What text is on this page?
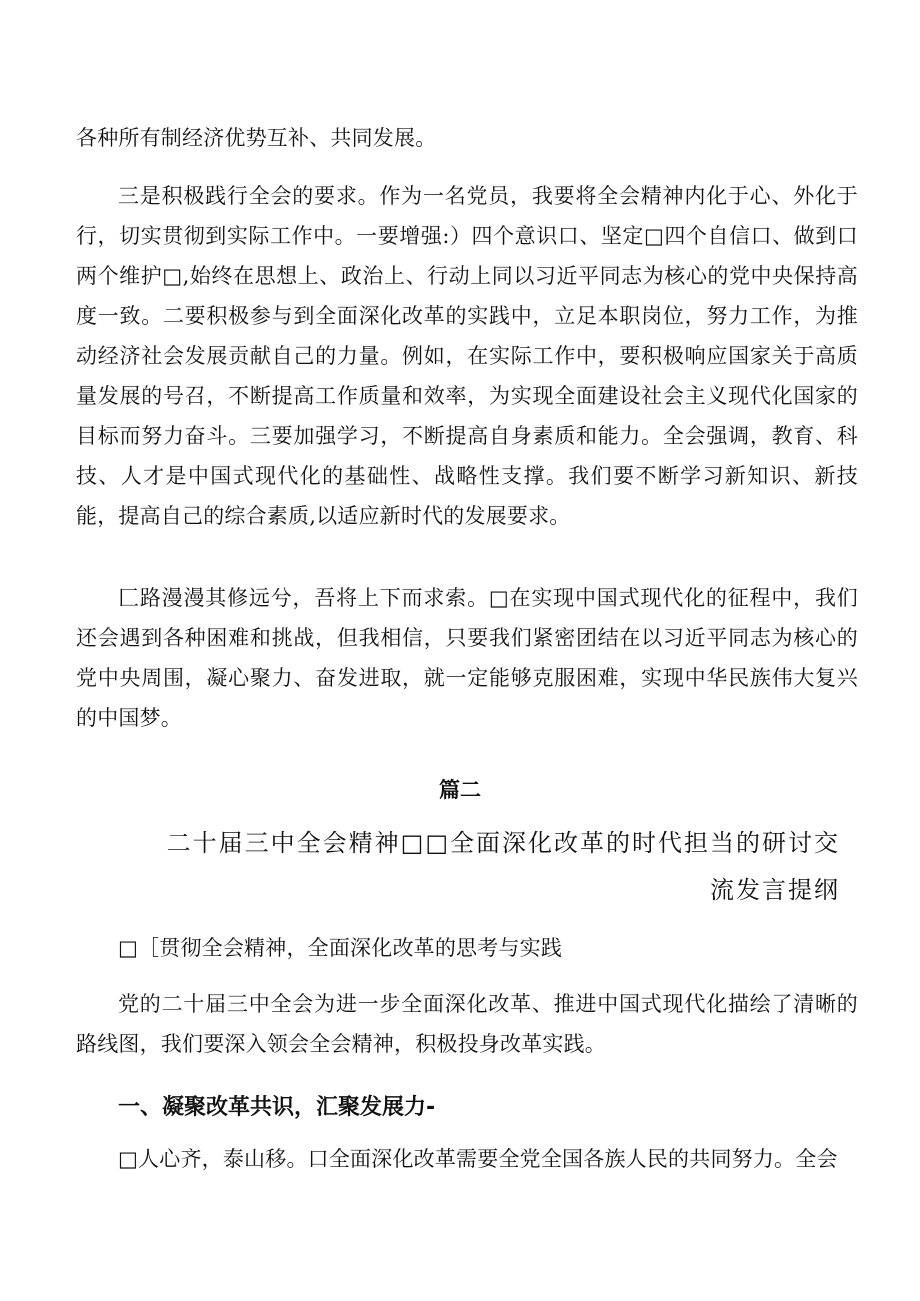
各种所有制经济优势互补、共同发展。

三是积极践行全会的要求。作为一名党员，我要将全会精神内化于心、外化于行，切实贯彻到实际工作中。一要增强:）四个意识口、坚定□四个自信口、做到口两个维护□,始终在思想上、政治上、行动上同以习近平同志为核心的党中央保持高度一致。二要积极参与到全面深化改革的实践中，立足本职岗位，努力工作，为推动经济社会发展贡献自己的力量。例如，在实际工作中，要积极响应国家关于高质量发展的号召，不断提高工作质量和效率，为实现全面建设社会主义现代化国家的目标而努力奋斗。三要加强学习，不断提高自身素质和能力。全会强调，教育、科技、人才是中国式现代化的基础性、战略性支撑。我们要不断学习新知识、新技能，提高自己的综合素质,以适应新时代的发展要求。

匚路漫漫其修远兮，吾将上下而求索。□在实现中国式现代化的征程中，我们还会遇到各种困难和挑战，但我相信，只要我们紧密团结在以习近平同志为核心的党中央周围，凝心聚力、奋发进取，就一定能够克服困难，实现中华民族伟大复兴的中国梦。

篇二

二十届三中全会精神□□全面深化改革的时代担当的研讨交

流发言提纲

□［贯彻全会精神，全面深化改革的思考与实践

党的二十届三中全会为进一步全面深化改革、推进中国式现代化描绘了清晰的路线图，我们要深入领会全会精神，积极投身改革实践。

一、凝聚改革共识，汇聚发展力-

□人心齐，泰山移。口全面深化改革需要全党全国各族人民的共同努力。全会
